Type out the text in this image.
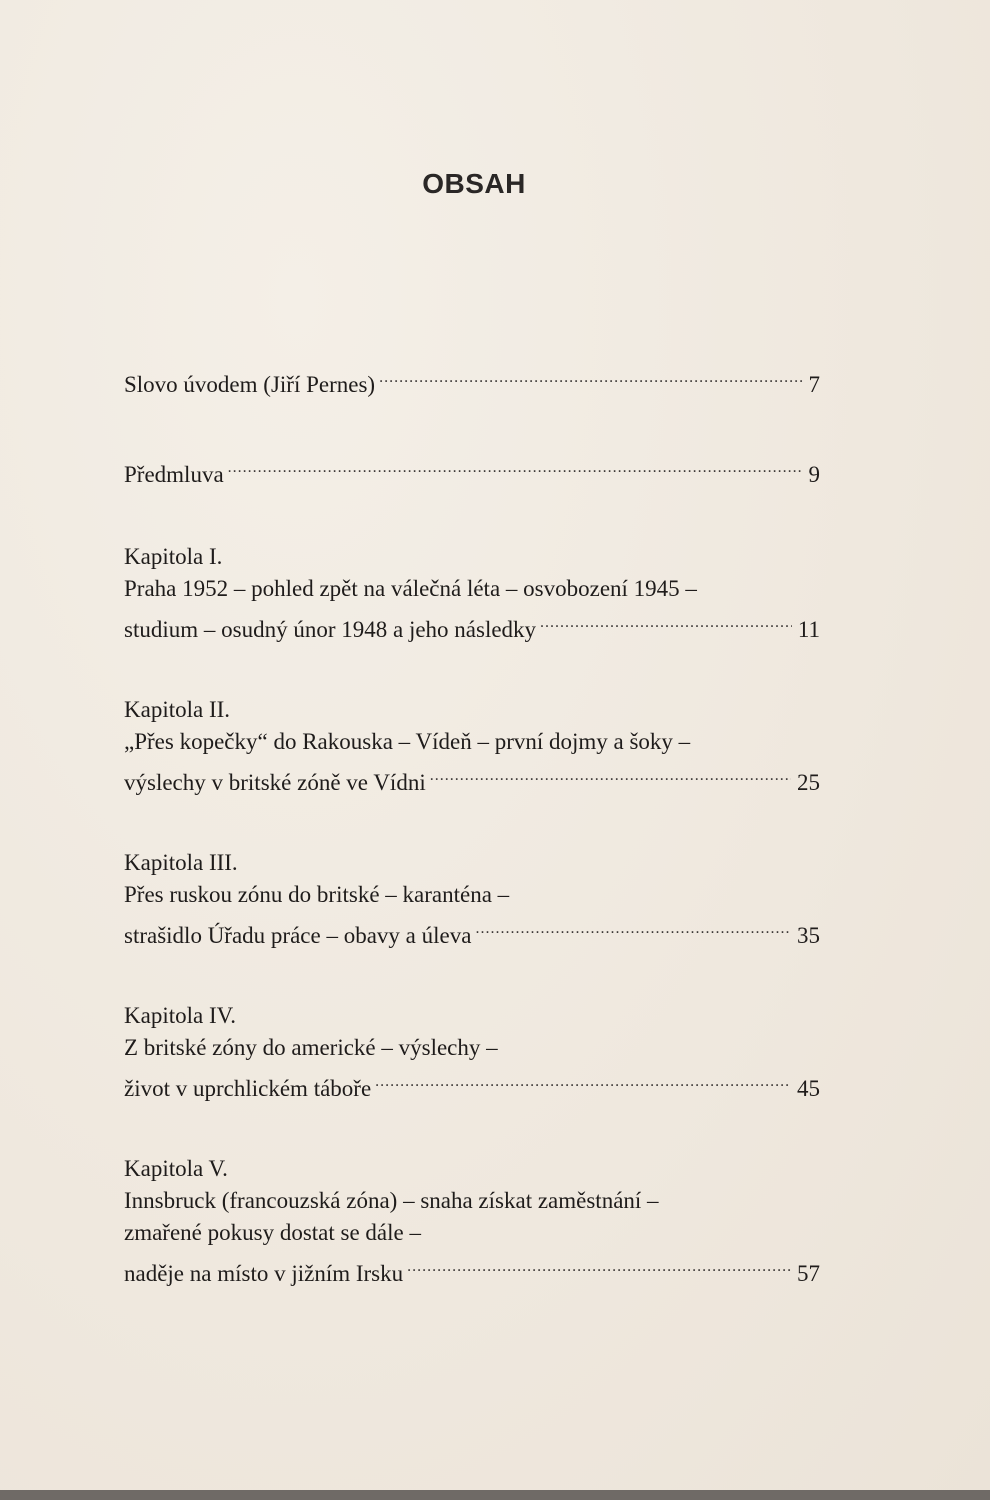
OBSAH
Slovo úvodem (Jiří Pernes) .....	7
Předmluva .....	9
Kapitola I.
Praha 1952 – pohled zpět na válečná léta – osvobození 1945 –
studium – osudný únor 1948 a jeho následky .....	11
Kapitola II.
„Přes kopečky“ do Rakouska – Vídeň – první dojmy a šoky –
výslechy v britské zóně ve Vídni .....	25
Kapitola III.
Přes ruskou zónu do britské – karanténa –
strašidlo Úřadu práce – obavy a úleva .....	35
Kapitola IV.
Z britské zóny do americké – výslechy –
život v uprchlickém táboře .....	45
Kapitola V.
Innsbruck (francouzská zóna) – snaha získat zaměstnání –
zmařené pokusy dostat se dále –
naděje na místo v jižním Irsku .....	57
